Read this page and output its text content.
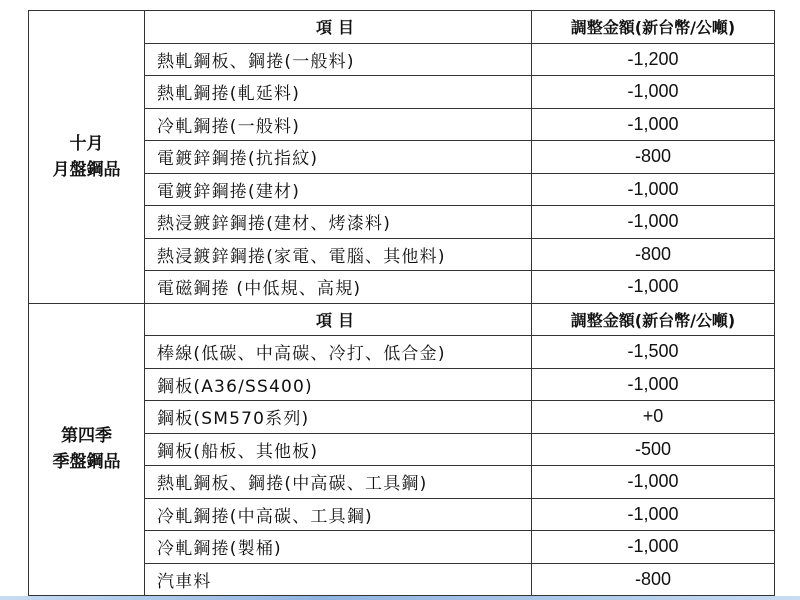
十月
月盤鋼品	項目	調整金額(新台幣/公噸)
	熱軋鋼板、鋼捲(一般料)	-1,200
	熱軋鋼捲(軋延料)	-1,000
	冷軋鋼捲(一般料)	-1,000
	電鍍鋅鋼捲(抗指紋)	-800
	電鍍鋅鋼捲(建材)	-1,000
	熱浸鍍鋅鋼捲(建材、烤漆料)	-1,000
	熱浸鍍鋅鋼捲(家電、電腦、其他料)	-800
	電磁鋼捲 (中低規、高規)	-1,000

第四季
季盤鋼品	項目	調整金額(新台幣/公噸)
	棒線(低碳、中高碳、冷打、低合金)	-1,500
	鋼板(A36/SS400)	-1,000
	鋼板(SM570系列)	+0
	鋼板(船板、其他板)	-500
	熱軋鋼板、鋼捲(中高碳、工具鋼)	-1,000
	冷軋鋼捲(中高碳、工具鋼)	-1,000
	冷軋鋼捲(製桶)	-1,000
	汽車料	-800
